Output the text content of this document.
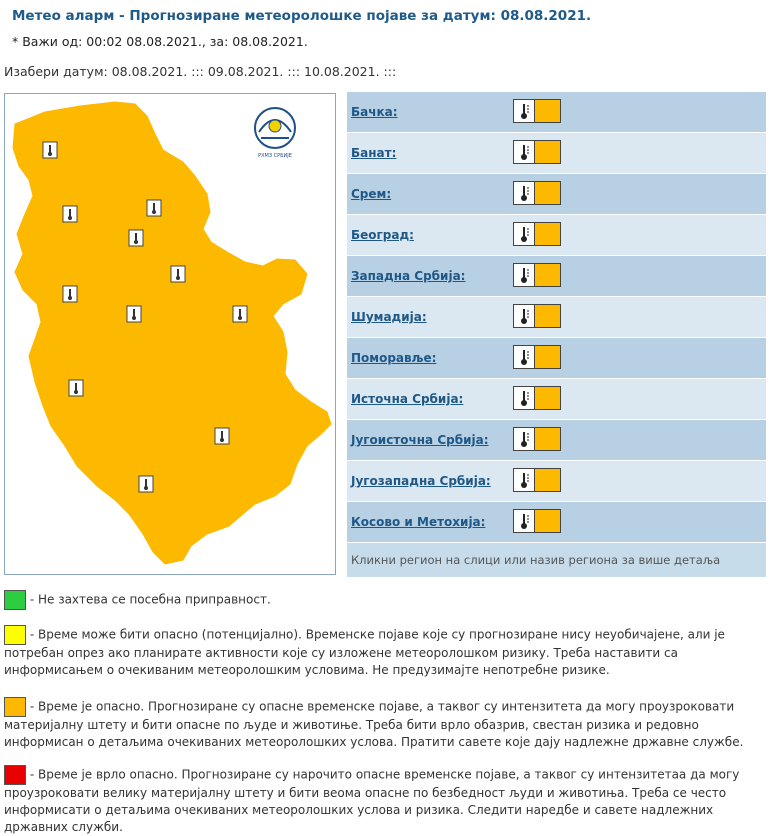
Метео аларм - Прогнозиране метеоролошке појаве за датум: 08.08.2021.
* Важи од: 00:02 08.08.2021., за: 08.08.2021.
Изабери датум: 08.08.2021. ::: 09.08.2021. ::: 10.08.2021. :::
РХМЗ СРБИЈЕ
Бачка:
Банат:
Срем:
Београд:
Западна Србија:
Шумадија:
Поморавље:
Источна Србија:
Југоисточна Србија:
Југозападна Србија:
Косово и Метохија:
Кликни регион на слици или назив региона за више детаља

- Не захтева се посебна приправност.

- Време може бити опасно (потенцијално). Временске појаве које су прогнозиране нису неуобичајене, али је потребан опрез ако планирате активности које су изложене метеоролошком ризику. Треба наставити са информисањем о очекиваним метеоролошким условима. Не предузимајте непотребне ризике.

- Време је опасно. Прогнозиране су опасне временске појаве, а таквог су интензитета да могу проузроковати материјалну штету и бити опасне по људе и животиње. Треба бити врло обазрив, свестан ризика и редовно информисан о детаљима очекиваних метеоролошких услова. Пратити савете које дају надлежне државне службе.

- Време је врло опасно. Прогнозиране су нарочито опасне временске појаве, а таквог су интензитетаа да могу проузроковати велику материјалну штету и бити веома опасне по безбедност људи и животиња. Треба се често информисати о детаљима очекиваних метеоролошких услова и ризика. Следити наредбе и савете надлежних државних служби.
